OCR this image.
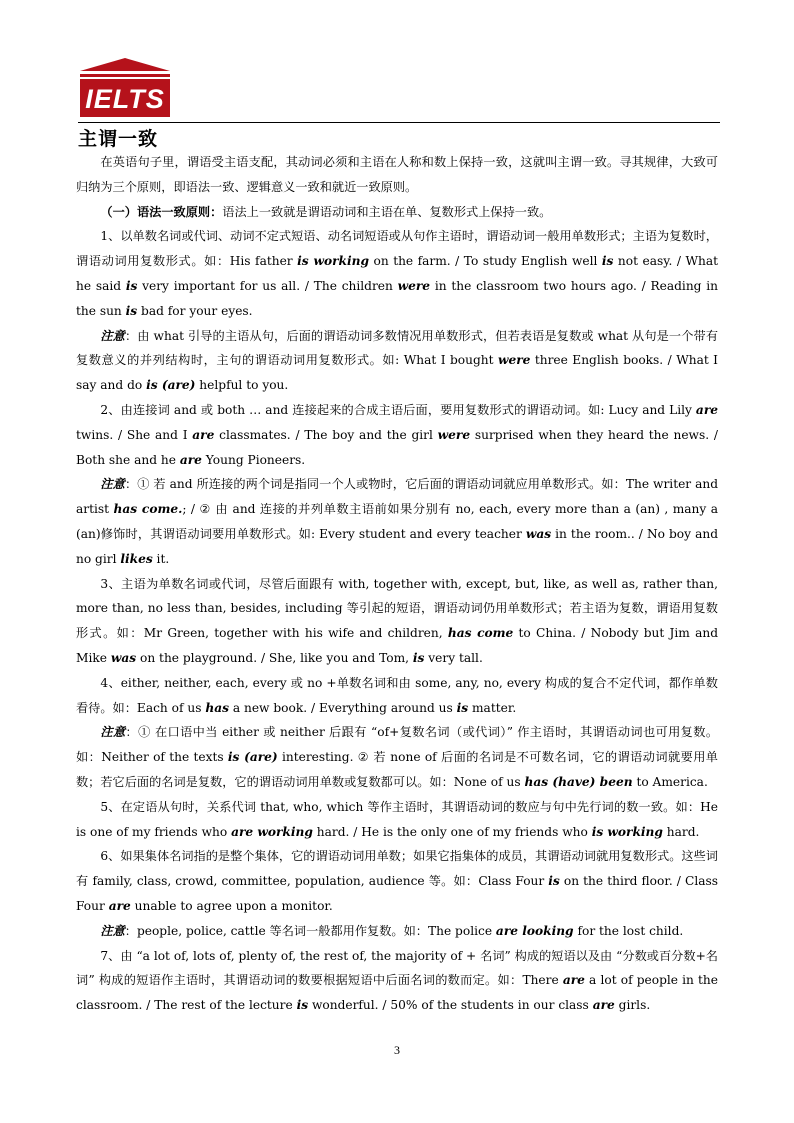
IELTS
主谓一致

在英语句子里，谓语受主语支配，其动词必须和主语在人称和数上保持一致，这就叫主谓一致。寻其规律，大致可归纳为三个原则，即语法一致、逻辑意义一致和就近一致原则。

（一）语法一致原则：语法上一致就是谓语动词和主语在单、复数形式上保持一致。

1、以单数名词或代词、动词不定式短语、动名词短语或从句作主语时，谓语动词一般用单数形式；主语为复数时，谓语动词用复数形式。如：His father is working on the farm. / To study English well is not easy. / What he said is very important for us all. / The children were in the classroom two hours ago. / Reading in the sun is bad for your eyes.

注意：由 what 引导的主语从句，后面的谓语动词多数情况用单数形式，但若表语是复数或 what 从句是一个带有复数意义的并列结构时，主句的谓语动词用复数形式。如: What I bought were three English books. / What I say and do is (are) helpful to you.

2、由连接词 and 或 both … and 连接起来的合成主语后面，要用复数形式的谓语动词。如: Lucy and Lily are twins. / She and I are classmates. / The boy and the girl were surprised when they heard the news. / Both she and he are Young Pioneers.

注意：① 若 and 所连接的两个词是指同一个人或物时，它后面的谓语动词就应用单数形式。如：The writer and artist has come.; / ② 由 and 连接的并列单数主语前如果分别有 no, each, every more than a (an) , many a (an)修饰时，其谓语动词要用单数形式。如: Every student and every teacher was in the room.. / No boy and no girl likes it.

3、主语为单数名词或代词，尽管后面跟有 with, together with, except, but, like, as well as, rather than, more than, no less than, besides, including 等引起的短语，谓语动词仍用单数形式；若主语为复数，谓语用复数形式。如：Mr Green, together with his wife and children, has come to China. / Nobody but Jim and Mike was on the playground. / She, like you and Tom, is very tall.

4、either, neither, each, every 或 no +单数名词和由 some, any, no, every 构成的复合不定代词，都作单数看待。如：Each of us has a new book. / Everything around us is matter.

注意：① 在口语中当 either 或 neither 后跟有 “of+复数名词（或代词）” 作主语时，其谓语动词也可用复数。如：Neither of the texts is (are) interesting. ② 若 none of 后面的名词是不可数名词，它的谓语动词就要用单数；若它后面的名词是复数，它的谓语动词用单数或复数都可以。如：None of us has (have) been to America.

5、在定语从句时，关系代词 that, who, which 等作主语时，其谓语动词的数应与句中先行词的数一致。如：He is one of my friends who are working hard. / He is the only one of my friends who is working hard.

6、如果集体名词指的是整个集体，它的谓语动词用单数；如果它指集体的成员，其谓语动词就用复数形式。这些词有 family, class, crowd, committee, population, audience 等。如：Class Four is on the third floor. / Class Four are unable to agree upon a monitor.

注意：people, police, cattle 等名词一般都用作复数。如：The police are looking for the lost child.

7、由 “a lot of, lots of, plenty of, the rest of, the majority of + 名词” 构成的短语以及由 “分数或百分数+名词” 构成的短语作主语时，其谓语动词的数要根据短语中后面名词的数而定。如：There are a lot of people in the classroom. / The rest of the lecture is wonderful. / 50% of the students in our class are girls.

3
